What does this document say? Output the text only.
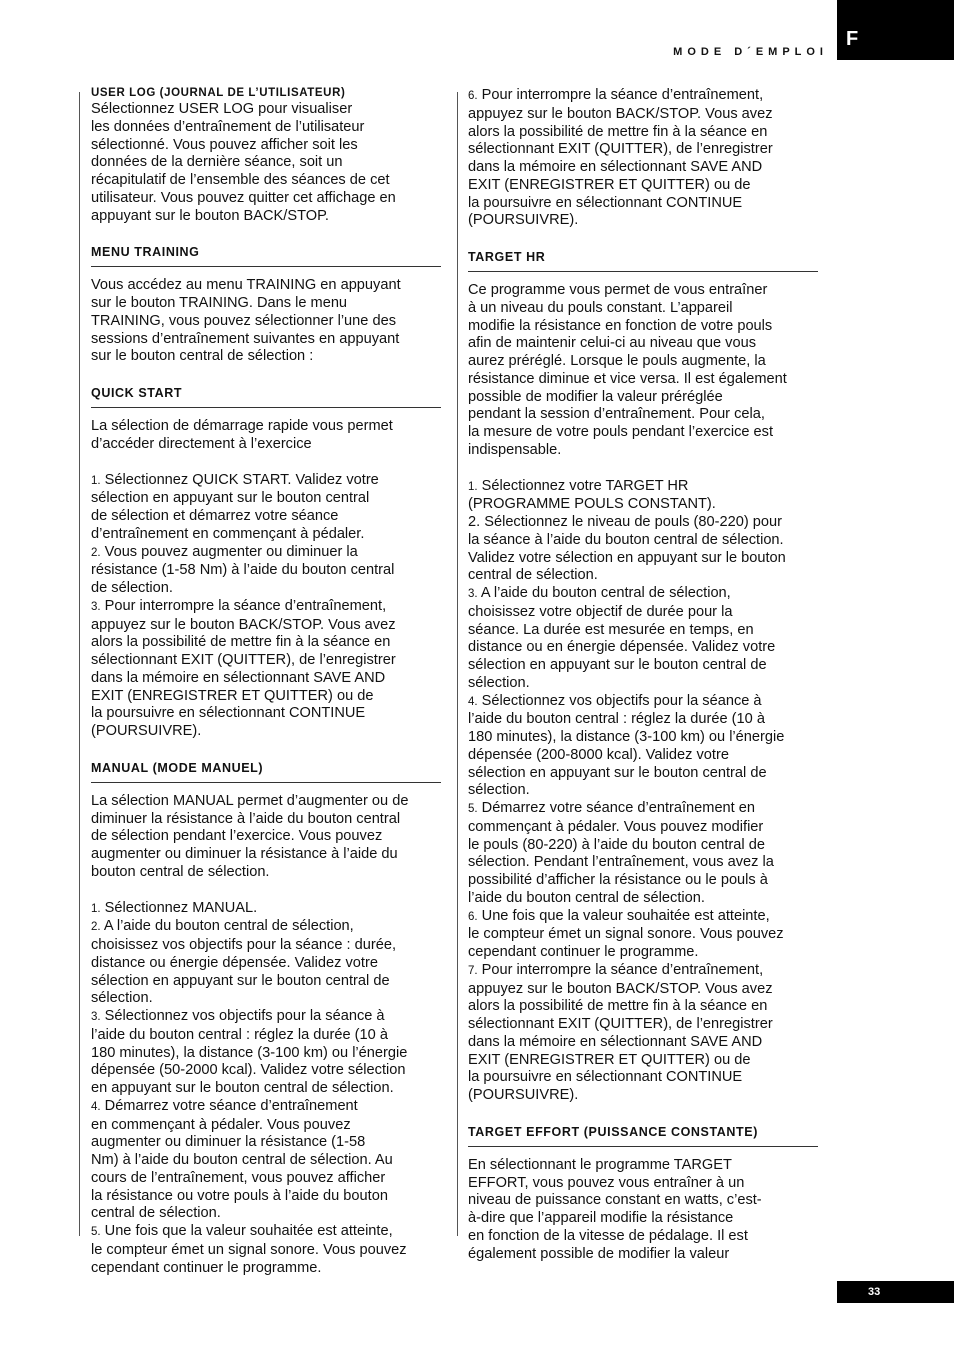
MODE D´EMPLOI
F
USER LOG (JOURNAL DE L’UTILISATEUR)

Sélectionnez USER LOG pour visualiser

les données d’entraînement de l’utilisateur

sélectionné. Vous pouvez afficher soit les

données de la dernière séance, soit un

récapitulatif de l’ensemble des séances de cet

utilisateur. Vous pouvez quitter cet affichage en

appuyant sur le bouton BACK/STOP.

MENU TRAINING

Vous accédez au menu TRAINING en appuyant

sur le bouton TRAINING. Dans le menu

TRAINING, vous pouvez sélectionner l’une des

sessions d’entraînement suivantes en appuyant

sur le bouton central de sélection :

QUICK START

La sélection de démarrage rapide vous permet

d’accéder directement à l’exercice

1. Sélectionnez QUICK START. Validez votre

sélection en appuyant sur le bouton central

de sélection et démarrez votre séance

d’entraînement en commençant à pédaler.

2. Vous pouvez augmenter ou diminuer la

résistance (1-58 Nm) à l’aide du bouton central

de sélection.

3. Pour interrompre la séance d’entraînement,

appuyez sur le bouton BACK/STOP. Vous avez

alors la possibilité de mettre fin à la séance en

sélectionnant EXIT (QUITTER), de l’enregistrer

dans la mémoire en sélectionnant SAVE AND

EXIT (ENREGISTRER ET QUITTER) ou de

la poursuivre en sélectionnant CONTINUE

(POURSUIVRE).

MANUAL (MODE MANUEL)

La sélection MANUAL permet d’augmenter ou de

diminuer la résistance à l’aide du bouton central

de sélection pendant l’exercice. Vous pouvez

augmenter ou diminuer la résistance à l’aide du

bouton central de sélection.

1. Sélectionnez MANUAL.

2. A l’aide du bouton central de sélection,

choisissez vos objectifs pour la séance : durée,

distance ou énergie dépensée. Validez votre

sélection en appuyant sur le bouton central de

sélection.

3. Sélectionnez vos objectifs pour la séance à

l’aide du bouton central : réglez la durée (10 à

180 minutes), la distance (3-100 km) ou l’énergie

dépensée (50-2000 kcal). Validez votre sélection

en appuyant sur le bouton central de sélection.

4. Démarrez votre séance d’entraînement

en commençant à pédaler. Vous pouvez

augmenter ou diminuer la résistance (1-58

Nm) à l’aide du bouton central de sélection. Au

cours de l’entraînement, vous pouvez afficher

la résistance ou votre pouls à l’aide du bouton

central de sélection.

5. Une fois que la valeur souhaitée est atteinte,

le compteur émet un signal sonore. Vous pouvez

cependant continuer le programme.

6. Pour interrompre la séance d’entraînement,

appuyez sur le bouton BACK/STOP. Vous avez

alors la possibilité de mettre fin à la séance en

sélectionnant EXIT (QUITTER), de l’enregistrer

dans la mémoire en sélectionnant SAVE AND

EXIT (ENREGISTRER ET QUITTER) ou de

la poursuivre en sélectionnant CONTINUE

(POURSUIVRE).

TARGET HR

Ce programme vous permet de vous entraîner

à un niveau du pouls constant. L’appareil

modifie la résistance en fonction de votre pouls

afin de maintenir celui-ci au niveau que vous

aurez préréglé. Lorsque le pouls augmente, la

résistance diminue et vice versa. Il est également

possible de modifier la valeur préréglée

pendant la session d’entraînement. Pour cela,

la mesure de votre pouls pendant l’exercice est

indispensable.

1. Sélectionnez votre TARGET HR

(PROGRAMME POULS CONSTANT).

2. Sélectionnez le niveau de pouls (80-220) pour

la séance à l’aide du bouton central de sélection.

Validez votre sélection en appuyant sur le bouton

central de sélection.

3. A l’aide du bouton central de sélection,

choisissez votre objectif de durée pour la

séance. La durée est mesurée en temps, en

distance ou en énergie dépensée. Validez votre

sélection en appuyant sur le bouton central de

sélection.

4. Sélectionnez vos objectifs pour la séance à

l’aide du bouton central : réglez la durée (10 à

180 minutes), la distance (3-100 km) ou l’énergie

dépensée (200-8000 kcal). Validez votre

sélection en appuyant sur le bouton central de

sélection.

5. Démarrez votre séance d’entraînement en

commençant à pédaler. Vous pouvez modifier

le pouls (80-220) à l’aide du bouton central de

sélection. Pendant l’entraînement, vous avez la

possibilité d’afficher la résistance ou le pouls à

l’aide du bouton central de sélection.

6. Une fois que la valeur souhaitée est atteinte,

le compteur émet un signal sonore. Vous pouvez

cependant continuer le programme.

7. Pour interrompre la séance d’entraînement,

appuyez sur le bouton BACK/STOP. Vous avez

alors la possibilité de mettre fin à la séance en

sélectionnant EXIT (QUITTER), de l’enregistrer

dans la mémoire en sélectionnant SAVE AND

EXIT (ENREGISTRER ET QUITTER) ou de

la poursuivre en sélectionnant CONTINUE

(POURSUIVRE).

TARGET EFFORT (PUISSANCE CONSTANTE)

En sélectionnant le programme TARGET

EFFORT, vous pouvez vous entraîner à un

niveau de puissance constant en watts, c’est-

à-dire que l’appareil modifie la résistance

en fonction de la vitesse de pédalage. Il est

également possible de modifier la valeur

33
